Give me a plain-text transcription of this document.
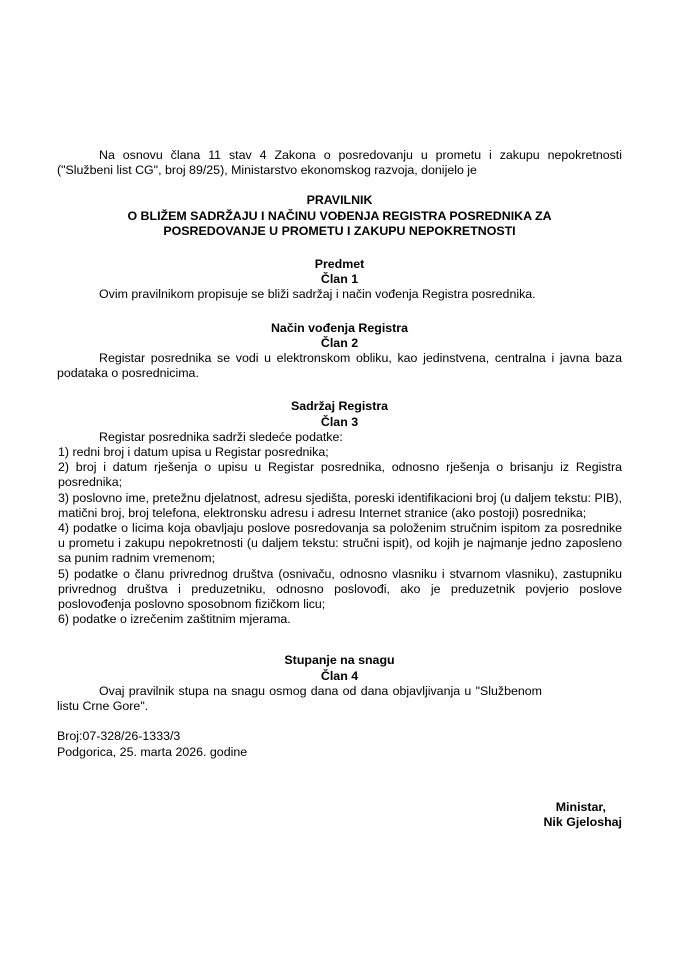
Na osnovu člana 11 stav 4 Zakona o posredovanju u prometu i zakupu nepokretnosti ("Službeni list CG", broj 89/25), Ministarstvo ekonomskog razvoja, donijelo je

PRAVILNIK
O BLIŽEM SADRŽAJU I NAČINU VOĐENJA REGISTRA POSREDNIKA ZA
POSREDOVANJE U PROMETU I ZAKUPU NEPOKRETNOSTI
Predmet
Član 1

Ovim pravilnikom propisuje se bliži sadržaj i način vođenja Registra posrednika.

Način vođenja Registra
Član 2

Registar posrednika se vodi u elektronskom obliku, kao jedinstvena, centralna i javna baza podataka o posrednicima.

Sadržaj Registra
Član 3

Registar posrednika sadrži sledeće podatke:

1) redni broj i datum upisa u Registar posrednika;

2) broj i datum rješenja o upisu u Registar posrednika, odnosno rješenja o brisanju iz Registra posrednika;

3) poslovno ime, pretežnu djelatnost, adresu sjedišta, poreski identifikacioni broj (u daljem tekstu: PIB), matični broj, broj telefona, elektronsku adresu i adresu Internet stranice (ako postoji) posrednika;

4) podatke o licima koja obavljaju poslove posredovanja sa položenim stručnim ispitom za posrednike u prometu i zakupu nepokretnosti (u daljem tekstu: stručni ispit), od kojih je najmanje jedno zaposleno sa punim radnim vremenom;

5) podatke o članu privrednog društva (osnivaču, odnosno vlasniku i stvarnom vlasniku), zastupniku privrednog društva i preduzetniku, odnosno poslovođi, ako je preduzetnik povjerio poslove poslovođenja poslovno sposobnom fizičkom licu;

6) podatke o izrečenim zaštitnim mjerama.

Stupanje na snagu
Član 4

Ovaj pravilnik stupa na snagu osmog dana od dana objavljivanja u "Službenom listu Crne Gore".

Broj:07-328/26-1333/3
Podgorica, 25. marta 2026. godine
Ministar,
Nik Gjeloshaj
